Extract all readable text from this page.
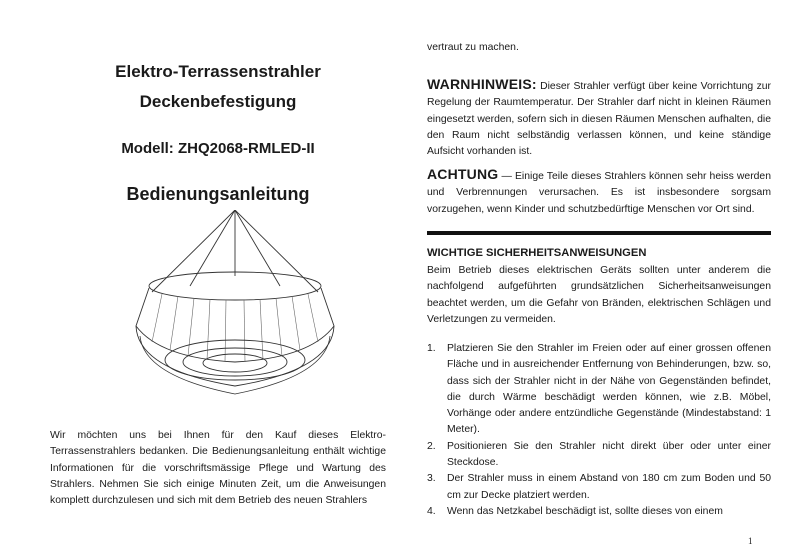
Elektro-Terrassenstrahler
Deckenbefestigung
Modell: ZHQ2068-RMLED-II
Bedienungsanleitung
Wir möchten uns bei Ihnen für den Kauf dieses Elektro-Terrassenstrahlers bedanken. Die Bedienungsanleitung enthält wichtige Informationen für die vorschriftsmässige Pflege und Wartung des Strahlers. Nehmen Sie sich einige Minuten Zeit, um die Anweisungen komplett durchzulesen und sich mit dem Betrieb des neuen Strahlers

vertraut zu machen.

WARNHINWEIS: Dieser Strahler verfügt über keine Vorrichtung zur Regelung der Raumtemperatur. Der Strahler darf nicht in kleinen Räumen eingesetzt werden, sofern sich in diesen Räumen Menschen aufhalten, die den Raum nicht selbständig verlassen können, und keine ständige Aufsicht vorhanden ist.

ACHTUNG — Einige Teile dieses Strahlers können sehr heiss werden und Verbrennungen verursachen. Es ist insbesondere sorgsam vorzugehen, wenn Kinder und schutzbedürftige Menschen vor Ort sind.

WICHTIGE SICHERHEITSANWEISUNGEN

Beim Betrieb dieses elektrischen Geräts sollten unter anderem die nachfolgend aufgeführten grundsätzlichen Sicherheitsanweisungen beachtet werden, um die Gefahr von Bränden, elektrischen Schlägen und Verletzungen zu vermeiden.

1. Platzieren Sie den Strahler im Freien oder auf einer grossen offenen Fläche und in ausreichender Entfernung von Behinderungen, bzw. so, dass sich der Strahler nicht in der Nähe von Gegenständen befindet, die durch Wärme beschädigt werden können, wie z.B. Möbel, Vorhänge oder andere entzündliche Gegenstände (Mindestabstand: 1 Meter).
2. Positionieren Sie den Strahler nicht direkt über oder unter einer Steckdose.
3. Der Strahler muss in einem Abstand von 180 cm zum Boden und 50 cm zur Decke platziert werden.
4. Wenn das Netzkabel beschädigt ist, sollte dieses von einem
1
